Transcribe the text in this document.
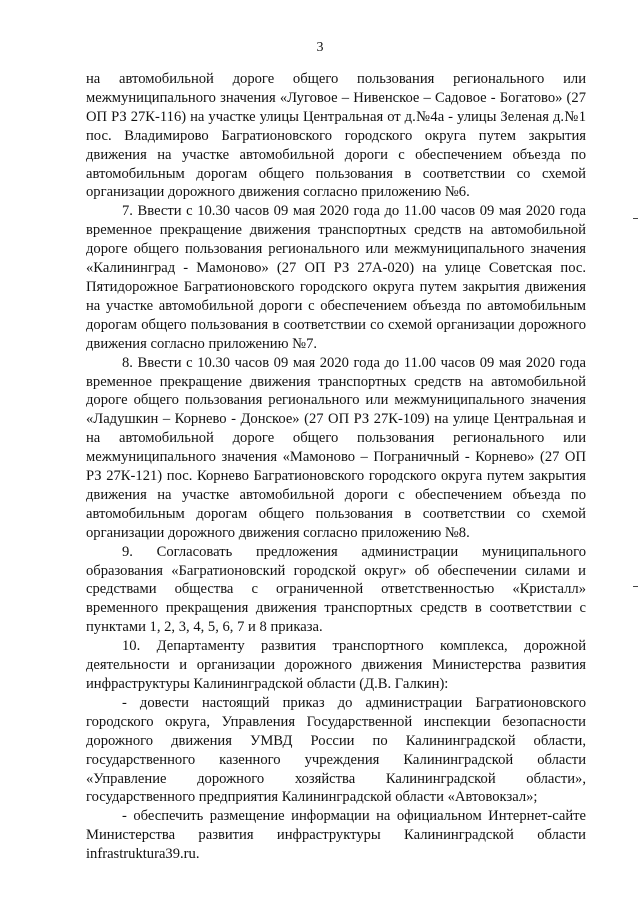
3

на автомобильной дороге общего пользования регионального или межмуниципального значения «Луговое – Нивенское – Садовое - Богатово» (27 ОП РЗ 27К-116) на участке улицы Центральная от д.№4а - улицы Зеленая д.№1 пос. Владимирово Багратионовского городского округа путем закрытия движения на участке автомобильной дороги с обеспечением объезда по автомобильным дорогам общего пользования в соответствии со схемой организации дорожного движения согласно приложению №6.

7. Ввести с 10.30 часов 09 мая 2020 года до 11.00 часов 09 мая 2020 года временное прекращение движения транспортных средств на автомобильной дороге общего пользования регионального или межмуниципального значения «Калининград - Мамоново» (27 ОП РЗ 27А-020) на улице Советская пос. Пятидорожное Багратионовского городского округа путем закрытия движения на участке автомобильной дороги с обеспечением объезда по автомобильным дорогам общего пользования в соответствии со схемой организации дорожного движения согласно приложению №7.

8. Ввести с 10.30 часов 09 мая 2020 года до 11.00 часов 09 мая 2020 года временное прекращение движения транспортных средств на автомобильной дороге общего пользования регионального или межмуниципального значения «Ладушкин – Корнево - Донское» (27 ОП РЗ 27К-109) на улице Центральная и на автомобильной дороге общего пользования регионального или межмуниципального значения «Мамоново – Пограничный - Корнево» (27 ОП РЗ 27К-121) пос. Корнево Багратионовского городского округа путем закрытия движения на участке автомобильной дороги с обеспечением объезда по автомобильным дорогам общего пользования в соответствии со схемой организации дорожного движения согласно приложению №8.

9. Согласовать предложения администрации муниципального образования «Багратионовский городской округ» об обеспечении силами и средствами общества с ограниченной ответственностью «Кристалл» временного прекращения движения транспортных средств в соответствии с пунктами 1, 2, 3, 4, 5, 6, 7 и 8 приказа.

10. Департаменту развития транспортного комплекса, дорожной деятельности и организации дорожного движения Министерства развития инфраструктуры Калининградской области (Д.В. Галкин):

- довести настоящий приказ до администрации Багратионовского городского округа, Управления Государственной инспекции безопасности дорожного движения УМВД России по Калининградской области, государственного казенного учреждения Калининградской области «Управление дорожного хозяйства Калининградской области», государственного предприятия Калининградской области «Автовокзал»;

- обеспечить размещение информации на официальном Интернет-сайте Министерства развития инфраструктуры Калининградской области infrastruktura39.ru.
